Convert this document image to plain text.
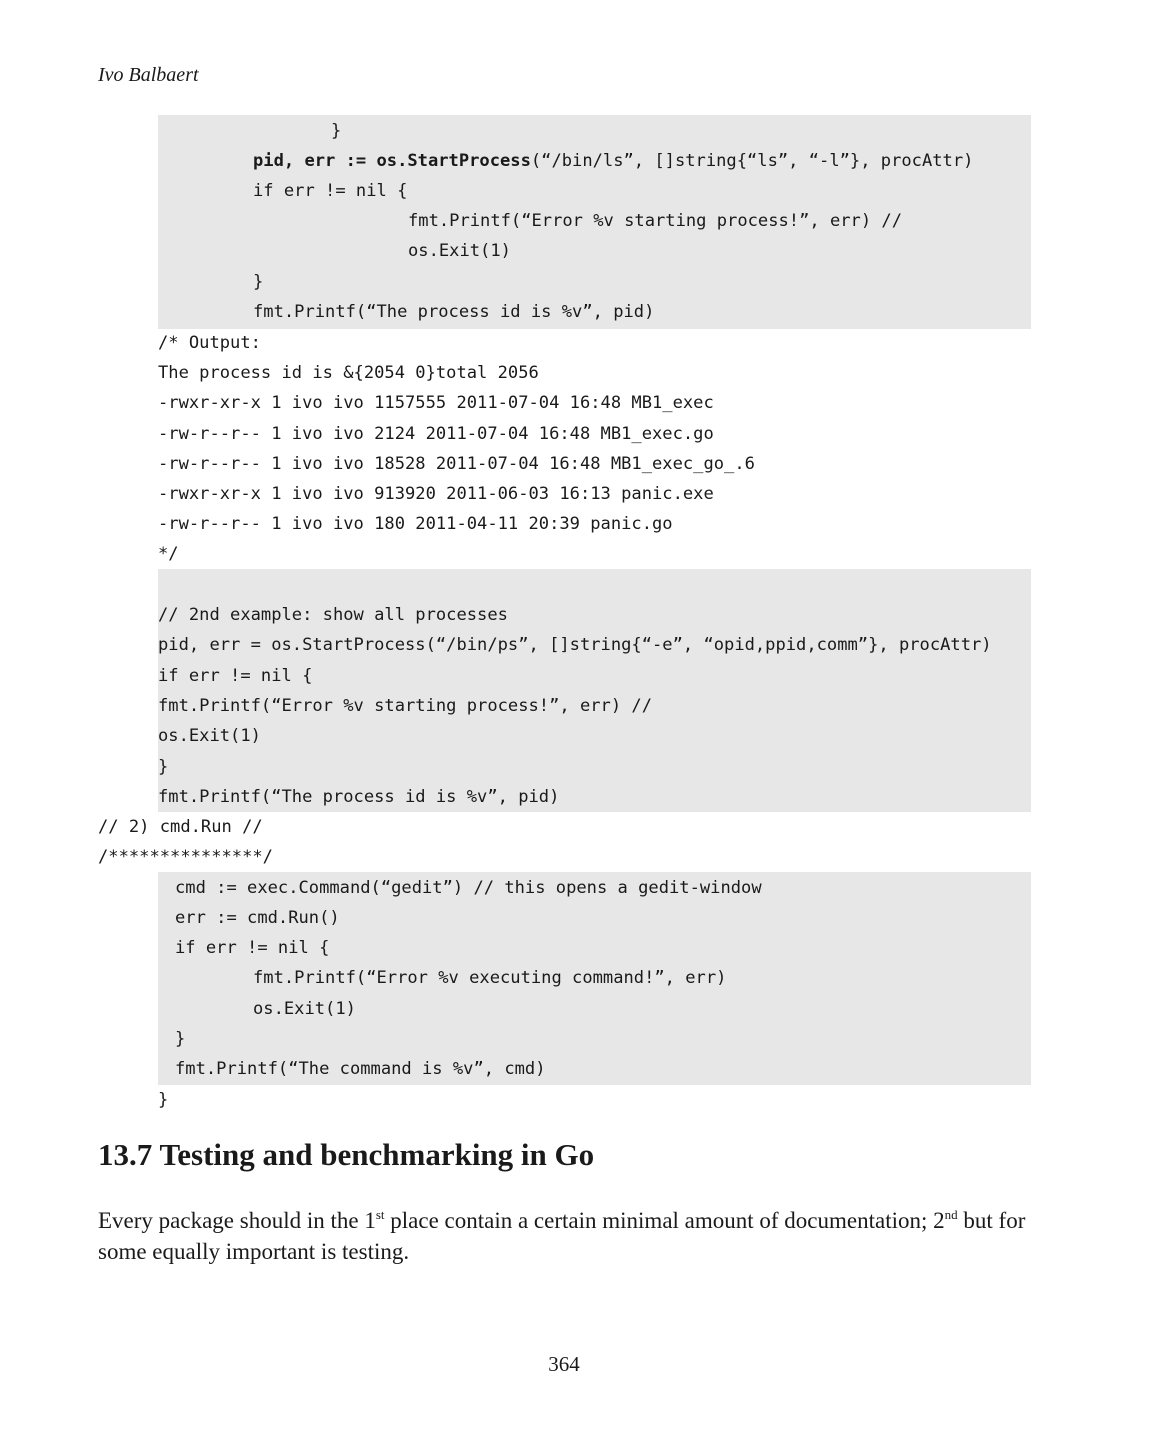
Ivo Balbaert
}
pid, err := os.StartProcess(“/bin/ls”, []string{“ls”, “-l”}, procAttr)
if err != nil {
fmt.Printf(“Error %v starting process!”, err) //
os.Exit(1)
}
fmt.Printf(“The process id is %v”, pid)
/* Output:
The process id is &{2054 0}total 2056
-rwxr-xr-x 1 ivo ivo 1157555 2011-07-04 16:48 MB1_exec
-rw-r--r-- 1 ivo ivo 2124 2011-07-04 16:48 MB1_exec.go
-rw-r--r-- 1 ivo ivo 18528 2011-07-04 16:48 MB1_exec_go_.6
-rwxr-xr-x 1 ivo ivo 913920 2011-06-03 16:13 panic.exe
-rw-r--r-- 1 ivo ivo 180 2011-04-11 20:39 panic.go
*/
// 2nd example: show all processes
pid, err = os.StartProcess(“/bin/ps”, []string{“-e”, “opid,ppid,comm”}, procAttr)
if err != nil {
fmt.Printf(“Error %v starting process!”, err) //
os.Exit(1)
}
fmt.Printf(“The process id is %v”, pid)
// 2) cmd.Run //
/***************/
cmd := exec.Command(“gedit”) // this opens a gedit-window
err := cmd.Run()
if err != nil {
fmt.Printf(“Error %v executing command!”, err)
os.Exit(1)
}
fmt.Printf(“The command is %v”, cmd)
}
13.7 Testing and benchmarking in Go

Every package should in the 1st place contain a certain minimal amount of documentation; 2nd but for some equally important is testing.

364
